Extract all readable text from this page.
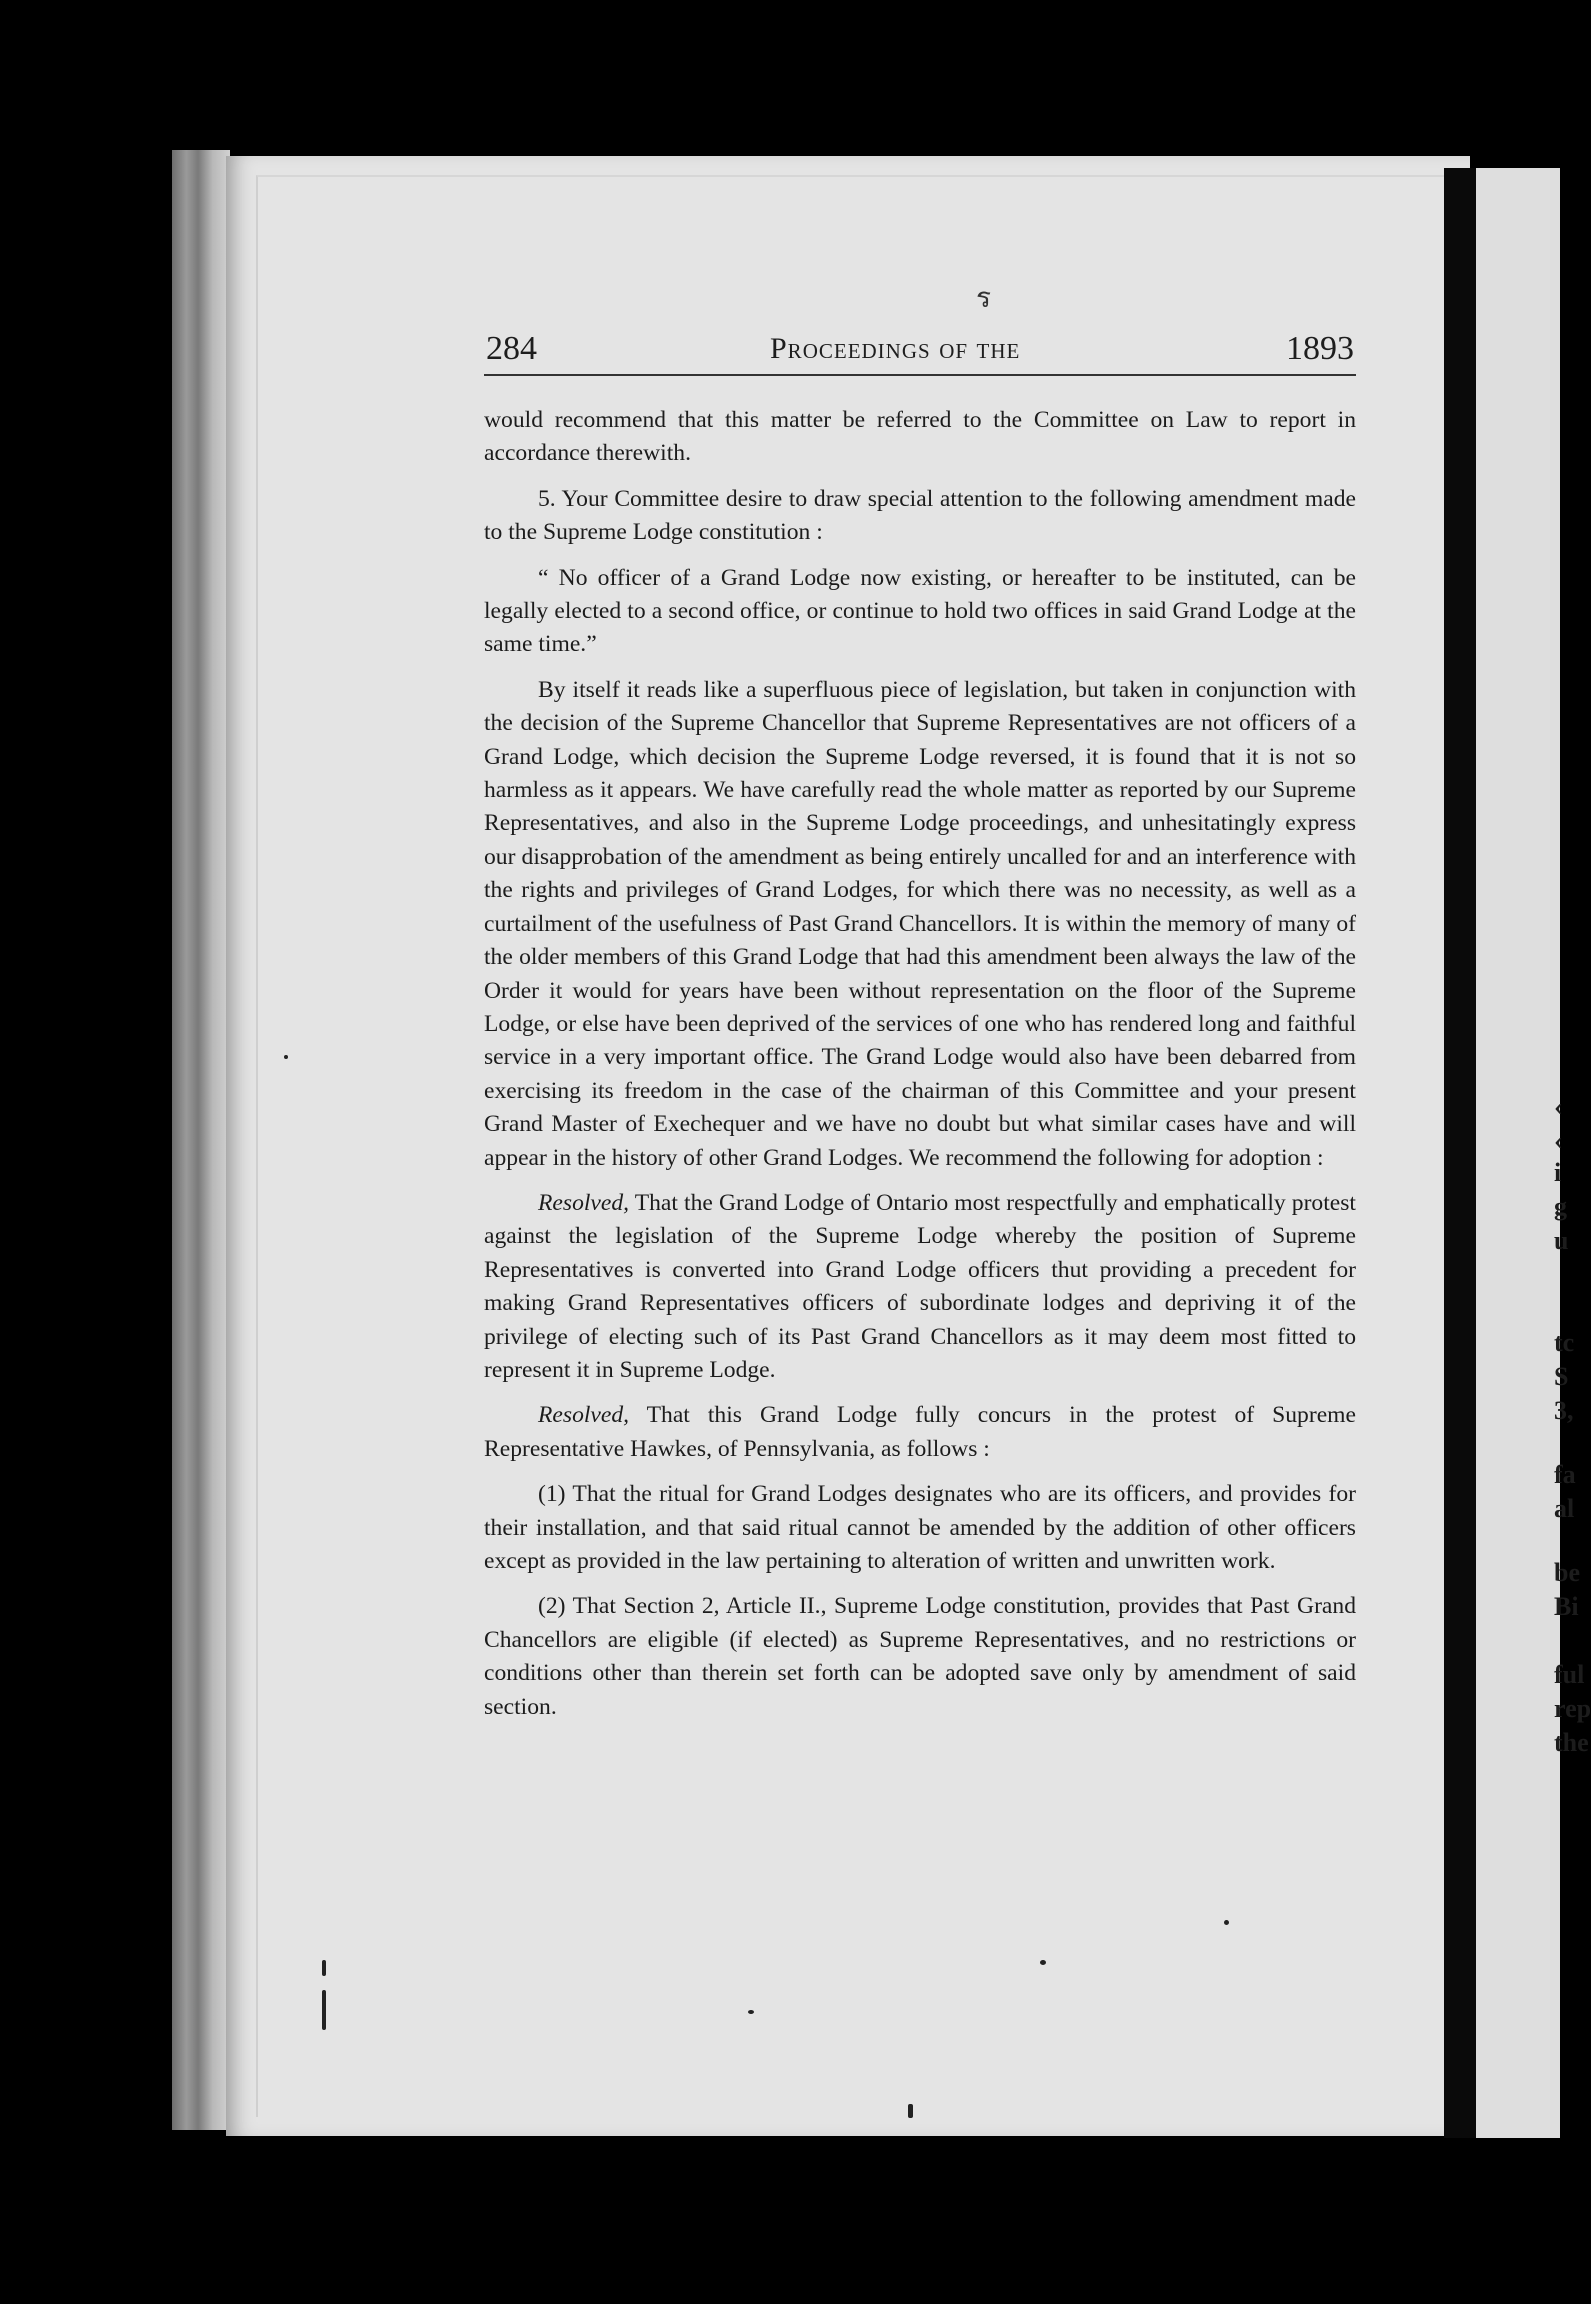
‹
‹
i
g
u
tc
S
3,
fa
al
be
Bi
ful
rep
the
ร
284	Proceedings of the	1893

would recommend that this matter be referred to the Committee on Law to report in accordance therewith.

5. Your Committee desire to draw special attention to the following amendment made to the Supreme Lodge constitution :

“ No officer of a Grand Lodge now existing, or hereafter to be instituted, can be legally elected to a second office, or continue to hold two offices in said Grand Lodge at the same time.”

By itself it reads like a superfluous piece of legislation, but taken in conjunction with the decision of the Supreme Chancellor that Supreme Representatives are not officers of a Grand Lodge, which decision the Supreme Lodge reversed, it is found that it is not so harmless as it appears. We have carefully read the whole matter as reported by our Supreme Representatives, and also in the Supreme Lodge proceedings, and unhesitatingly express our disapprobation of the amendment as being entirely uncalled for and an interference with the rights and privileges of Grand Lodges, for which there was no necessity, as well as a curtailment of the usefulness of Past Grand Chancellors. It is within the memory of many of the older members of this Grand Lodge that had this amendment been always the law of the Order it would for years have been without representation on the floor of the Supreme Lodge, or else have been deprived of the services of one who has rendered long and faithful service in a very important office. The Grand Lodge would also have been debarred from exercising its freedom in the case of the chairman of this Committee and your present Grand Master of Exechequer and we have no doubt but what similar cases have and will appear in the history of other Grand Lodges. We recommend the following for adoption :

Resolved, That the Grand Lodge of Ontario most respectfully and emphatically protest against the legislation of the Supreme Lodge whereby the position of Supreme Representatives is converted into Grand Lodge officers thut providing a precedent for making Grand Representatives officers of subordinate lodges and depriving it of the privilege of electing such of its Past Grand Chancellors as it may deem most fitted to represent it in Supreme Lodge.

Resolved, That this Grand Lodge fully concurs in the protest of Supreme Representative Hawkes, of Pennsylvania, as follows :

(1) That the ritual for Grand Lodges designates who are its officers, and provides for their installation, and that said ritual cannot be amended by the addition of other officers except as provided in the law pertaining to alteration of written and unwritten work.

(2) That Section 2, Article II., Supreme Lodge constitution, provides that Past Grand Chancellors are eligible (if elected) as Supreme Representatives, and no restrictions or conditions other than therein set forth can be adopted save only by amendment of said section.
